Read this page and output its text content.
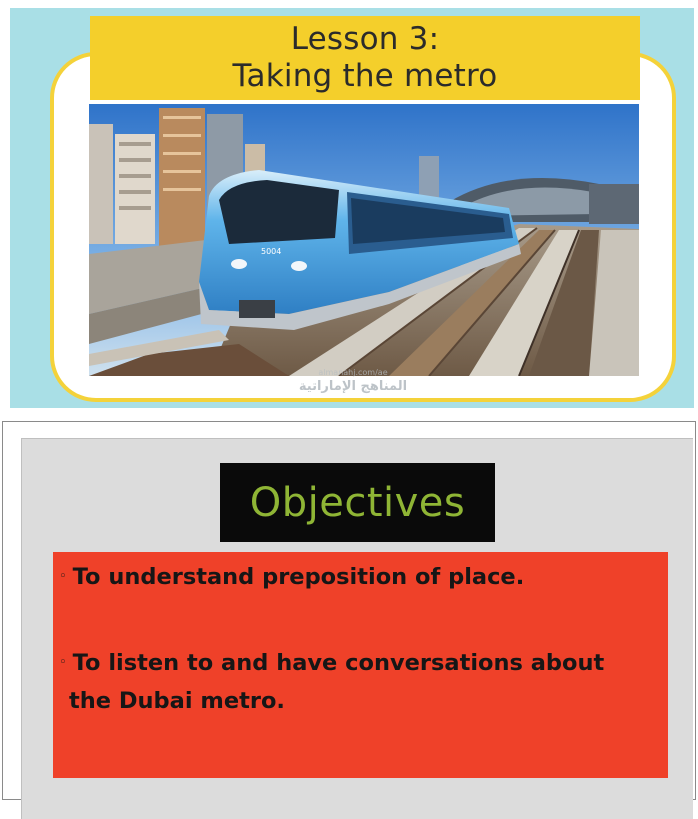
5004
Lesson 3:
Taking the metro
almanahj.com/ae
المناهج الإماراتية
Objectives
◦ To understand preposition of place.
◦ To listen to and have conversations about
the Dubai metro.
